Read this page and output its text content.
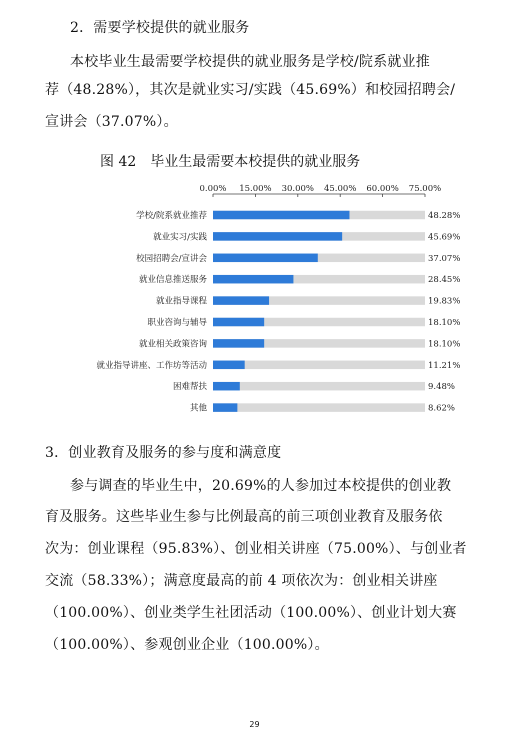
2．需要学校提供的就业服务
本校毕业生最需要学校提供的就业服务是学校/院系就业推
荐（48.28%），其次是就业实习/实践（45.69%）和校园招聘会/
宣讲会（37.07%）。
图 42　毕业生最需要本校提供的就业服务
0.00% 15.00% 30.00% 45.00% 60.00% 75.00%
学校/院系就业推荐	48.28%
就业实习/实践	45.69%
校园招聘会/宣讲会	37.07%
就业信息推送服务	28.45%
就业指导课程	19.83%
职业咨询与辅导	18.10%
就业相关政策咨询	18.10%
就业指导讲座、工作坊等活动	11.21%
困难帮扶	9.48%
其他	8.62%
3．创业教育及服务的参与度和满意度
参与调查的毕业生中，20.69%的人参加过本校提供的创业教
育及服务。这些毕业生参与比例最高的前三项创业教育及服务依
次为：创业课程（95.83%）、创业相关讲座（75.00%）、与创业者
交流（58.33%）；满意度最高的前 4 项依次为：创业相关讲座
（100.00%）、创业类学生社团活动（100.00%）、创业计划大赛
（100.00%）、参观创业企业（100.00%）。
29
